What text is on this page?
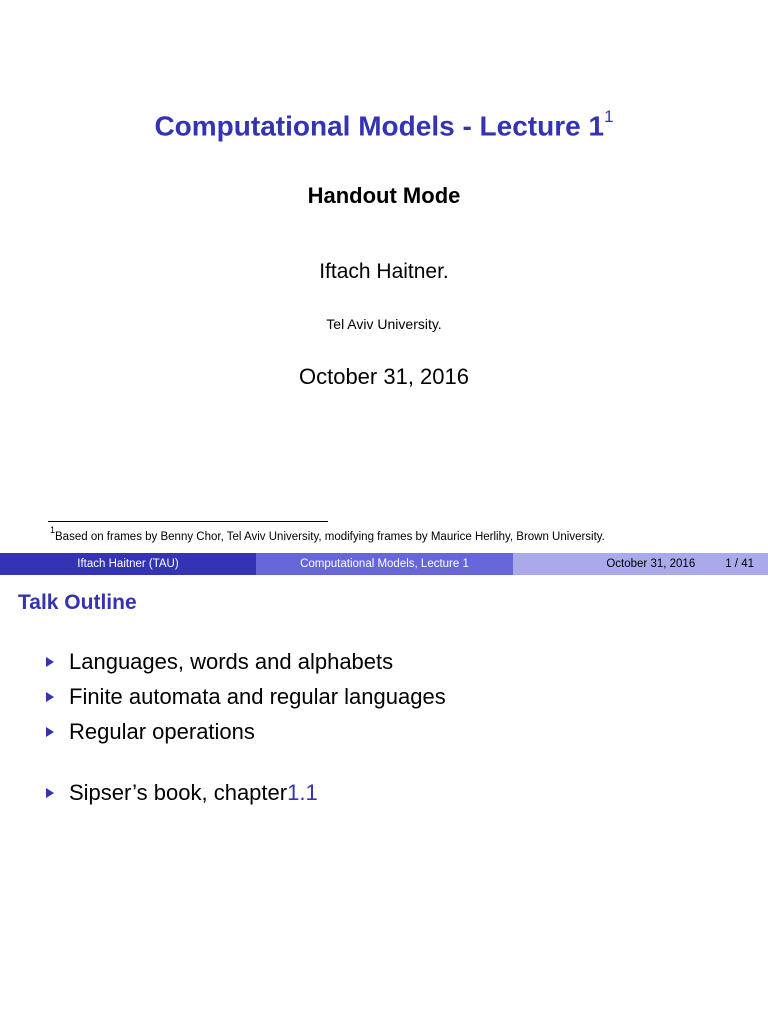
Computational Models - Lecture $1^1$
Handout Mode
Iftach Haitner.
Tel Aviv University.
October 31, 2016
$^1$Based on frames by Benny Chor, Tel Aviv University, modifying frames by Maurice Herlihy, Brown University.
Iftach Haitner (TAU)	Computational Models, Lecture 1	October 31, 2016	1 / 41
Talk Outline
Languages, words and alphabets
Finite automata and regular languages
Regular operations
Sipser’s book, chapter 1.1
